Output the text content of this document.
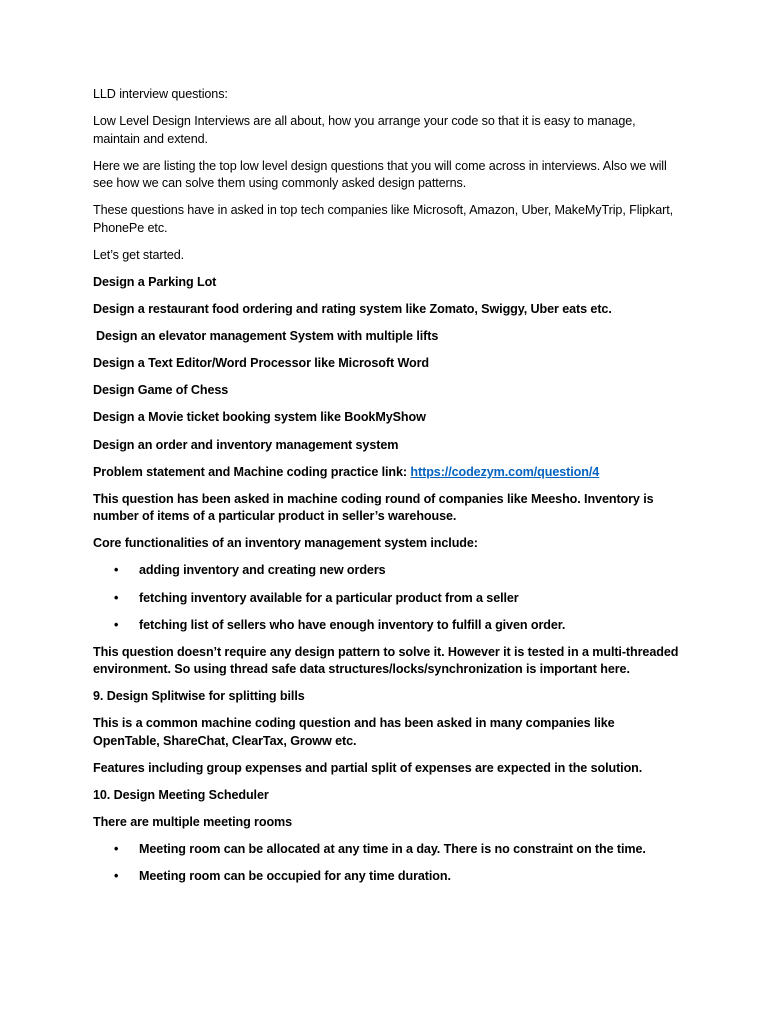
LLD interview questions:

Low Level Design Interviews are all about, how you arrange your code so that it is easy to manage, maintain and extend.

Here we are listing the top low level design questions that you will come across in interviews. Also we will see how we can solve them using commonly asked design patterns.

These questions have in asked in top tech companies like Microsoft, Amazon, Uber, MakeMyTrip, Flipkart, PhonePe etc.

Let’s get started.

Design a Parking Lot

Design a restaurant food ordering and rating system like Zomato, Swiggy, Uber eats etc.

Design an elevator management System with multiple lifts

Design a Text Editor/Word Processor like Microsoft Word

Design Game of Chess

Design a Movie ticket booking system like BookMyShow

Design an order and inventory management system

Problem statement and Machine coding practice link: https://codezym.com/question/4

This question has been asked in machine coding round of companies like Meesho. Inventory is number of items of a particular product in seller’s warehouse.

Core functionalities of an inventory management system include:

• adding inventory and creating new orders
• fetching inventory available for a particular product from a seller
• fetching list of sellers who have enough inventory to fulfill a given order.

This question doesn’t require any design pattern to solve it. However it is tested in a multi-threaded environment. So using thread safe data structures/locks/synchronization is important here.

9. Design Splitwise for splitting bills

This is a common machine coding question and has been asked in many companies like OpenTable, ShareChat, ClearTax, Groww etc.

Features including group expenses and partial split of expenses are expected in the solution.

10. Design Meeting Scheduler

There are multiple meeting rooms

• Meeting room can be allocated at any time in a day. There is no constraint on the time.
• Meeting room can be occupied for any time duration.
